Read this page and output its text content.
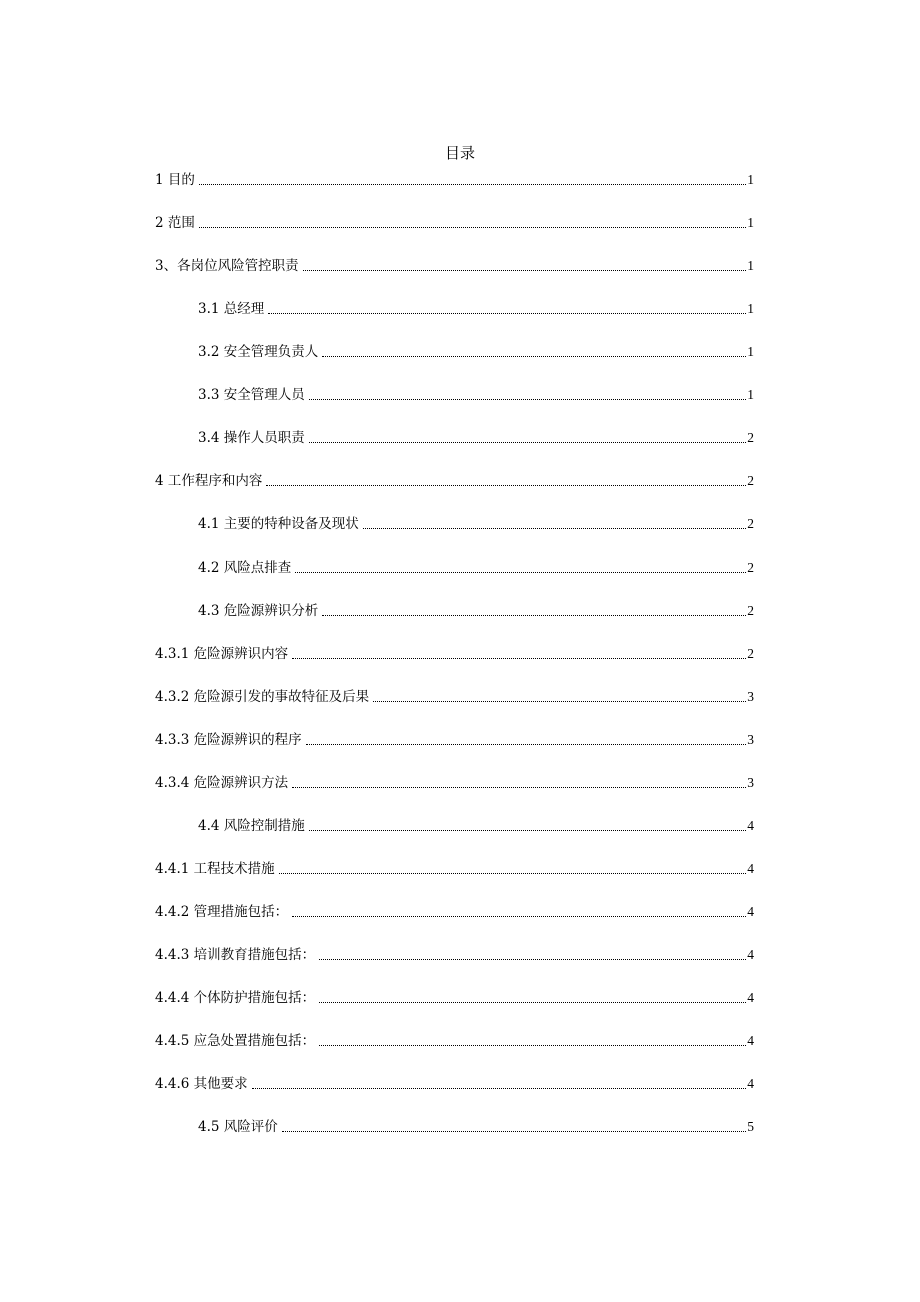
目录
1 目的	1
2 范围	1
3、各岗位风险管控职责	1
3.1 总经理	1
3.2 安全管理负责人	1
3.3 安全管理人员	1
3.4 操作人员职责	2
4 工作程序和内容	2
4.1 主要的特种设备及现状	2
4.2 风险点排查	2
4.3 危险源辨识分析	2
4.3.1 危险源辨识内容	2
4.3.2 危险源引发的事故特征及后果	3
4.3.3 危险源辨识的程序	3
4.3.4 危险源辨识方法	3
4.4 风险控制措施	4
4.4.1 工程技术措施	4
4.4.2 管理措施包括：	4
4.4.3 培训教育措施包括：	4
4.4.4 个体防护措施包括：	4
4.4.5 应急处置措施包括：	4
4.4.6 其他要求	4
4.5 风险评价	5
